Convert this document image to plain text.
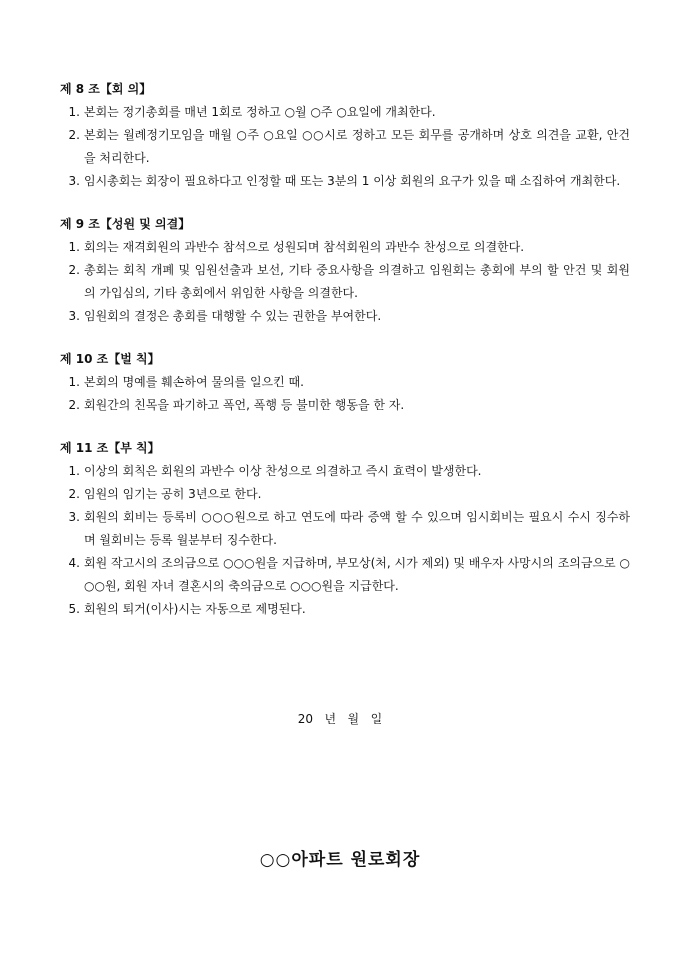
제 8 조【회 의】
1. 본회는 정기총회를 매년 1회로 정하고 ○월 ○주 ○요일에 개최한다.
2. 본회는 월례정기모임을 매월 ○주 ○요일 ○○시로 정하고 모든 회무를 공개하며 상호 의견을 교환, 안건을 처리한다.
3. 임시총회는 회장이 필요하다고 인정할 때 또는 3분의 1 이상 회원의 요구가 있을 때 소집하여 개최한다.
제 9 조【성원 및 의결】
1. 회의는 재격회원의 과반수 참석으로 성원되며 참석회원의 과반수 찬성으로 의결한다.
2. 총회는 회칙 개폐 및 임원선출과 보선, 기타 중요사항을 의결하고 임원회는 총회에 부의 할 안건 및 회원의 가입심의, 기타 총회에서 위임한 사항을 의결한다.
3. 임원회의 결정은 총회를 대행할 수 있는 권한을 부여한다.
제 10 조【벌 칙】
1. 본회의 명예를 훼손하여 물의를 일으킨 때.
2. 회원간의 친목을 파기하고 폭언, 폭행 등 불미한 행동을 한 자.
제 11 조【부 칙】
1. 이상의 회칙은 회원의 과반수 이상 찬성으로 의결하고 즉시 효력이 발생한다.
2. 임원의 임기는 공히 3년으로 한다.
3. 회원의 회비는 등록비 ○○○원으로 하고 연도에 따라 증액 할 수 있으며 임시회비는 필요시 수시 징수하며 월회비는 등록 월분부터 징수한다.
4. 회원 작고시의 조의금으로 ○○○원을 지급하며, 부모상(처, 시가 제외) 및 배우자 사망시의 조의금으로 ○○○원, 회원 자녀 결혼시의 축의금으로 ○○○원을 지급한다.
5. 회원의 퇴거(이사)시는 자동으로 제명된다.
20   년   월   일
○○아파트 원로회장
